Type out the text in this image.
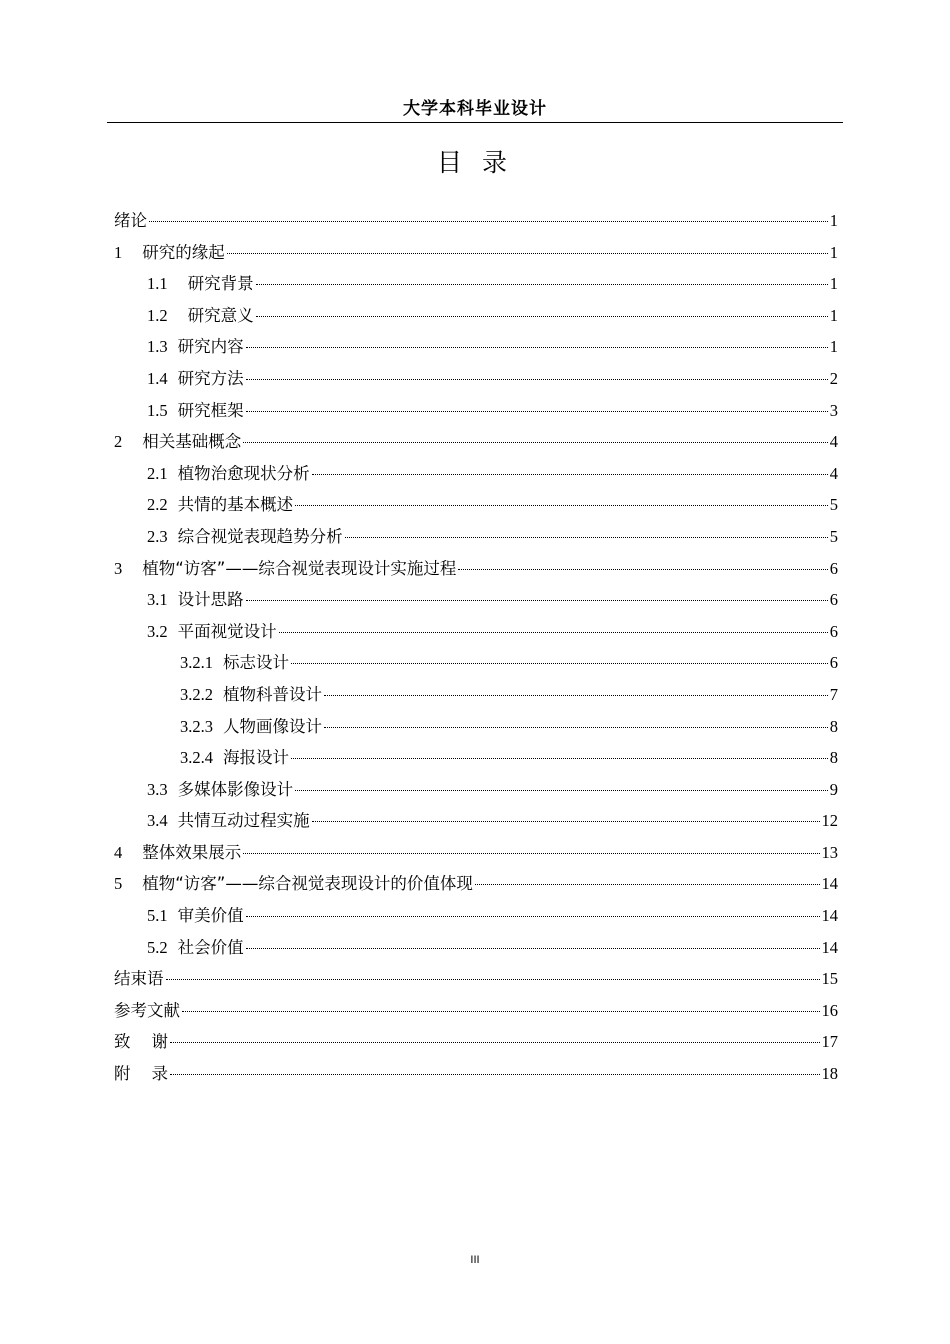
大学本科毕业设计
目 录
绪论	1
1 研究的缘起	1
1.1 研究背景	1
1.2 研究意义	1
1.3 研究内容	1
1.4 研究方法	2
1.5 研究框架	3
2 相关基础概念	4
2.1 植物治愈现状分析	4
2.2 共情的基本概述	5
2.3 综合视觉表现趋势分析	5
3 植物“访客”——综合视觉表现设计实施过程	6
3.1 设计思路	6
3.2 平面视觉设计	6
3.2.1 标志设计	6
3.2.2 植物科普设计	7
3.2.3 人物画像设计	8
3.2.4 海报设计	8
3.3 多媒体影像设计	9
3.4 共情互动过程实施	12
4 整体效果展示	13
5 植物“访客”——综合视觉表现设计的价值体现	14
5.1 审美价值	14
5.2 社会价值	14
结束语	15
参考文献	16
致    谢	17
附    录	18
III
